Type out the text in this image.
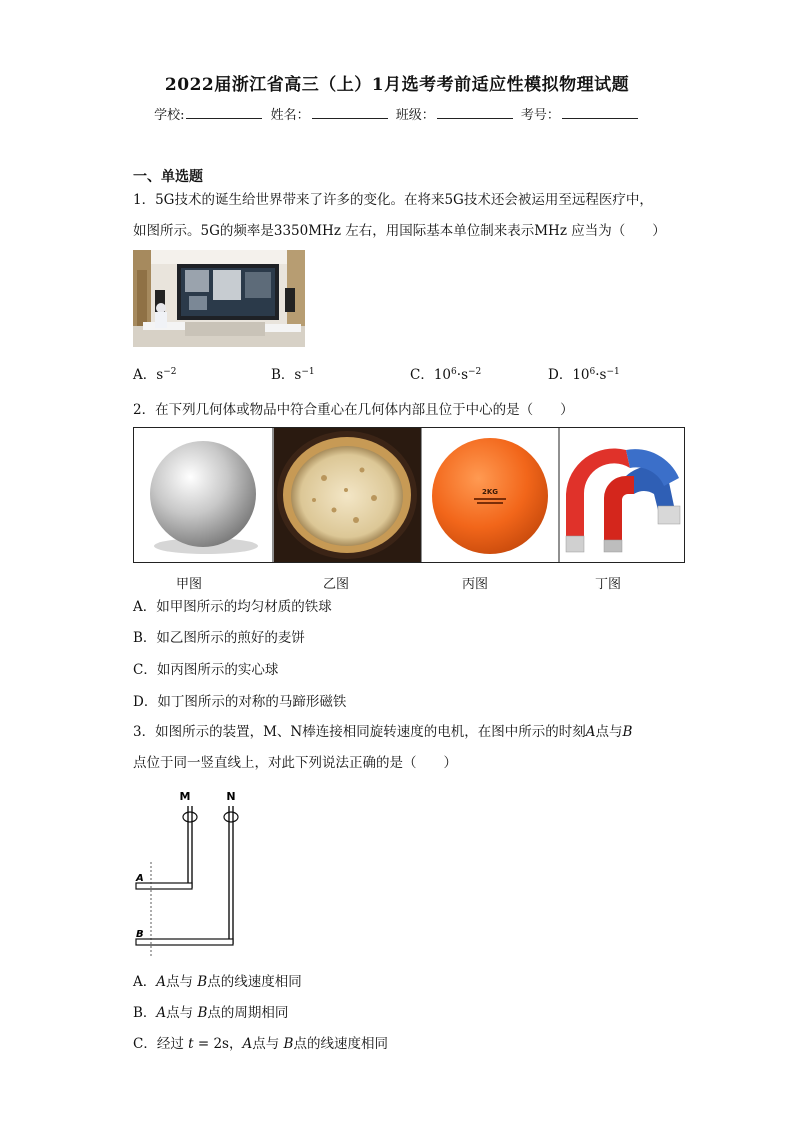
2022届浙江省高三（上）1月选考考前适应性模拟物理试题
学校:	姓名：	班级：	考号：
一、单选题
1．5G技术的诞生给世界带来了许多的变化。在将来5G技术还会被运用至远程医疗中，
如图所示。5G的频率是3350MHz 左右，用国际基本单位制来表示MHz 应当为（　　）
A．$s^{-2}$	B．$s^{-1}$	C．$10^6\cdot s^{-2}$	D．$10^6\cdot s^{-1}$
2．在下列几何体或物品中符合重心在几何体内部且位于中心的是（　　）
2KG
甲图	乙图	丙图	丁图
A．如甲图所示的均匀材质的铁球
B．如乙图所示的煎好的麦饼
C．如丙图所示的实心球
D．如丁图所示的对称的马蹄形磁铁
3．如图所示的装置，M、N棒连接相同旋转速度的电机，在图中所示的时刻A点与B
点位于同一竖直线上，对此下列说法正确的是（　　）
M	N
A
B
A．A点与 B点的线速度相同
B．A点与 B点的周期相同
C．经过 t = 2s，A点与 B点的线速度相同
